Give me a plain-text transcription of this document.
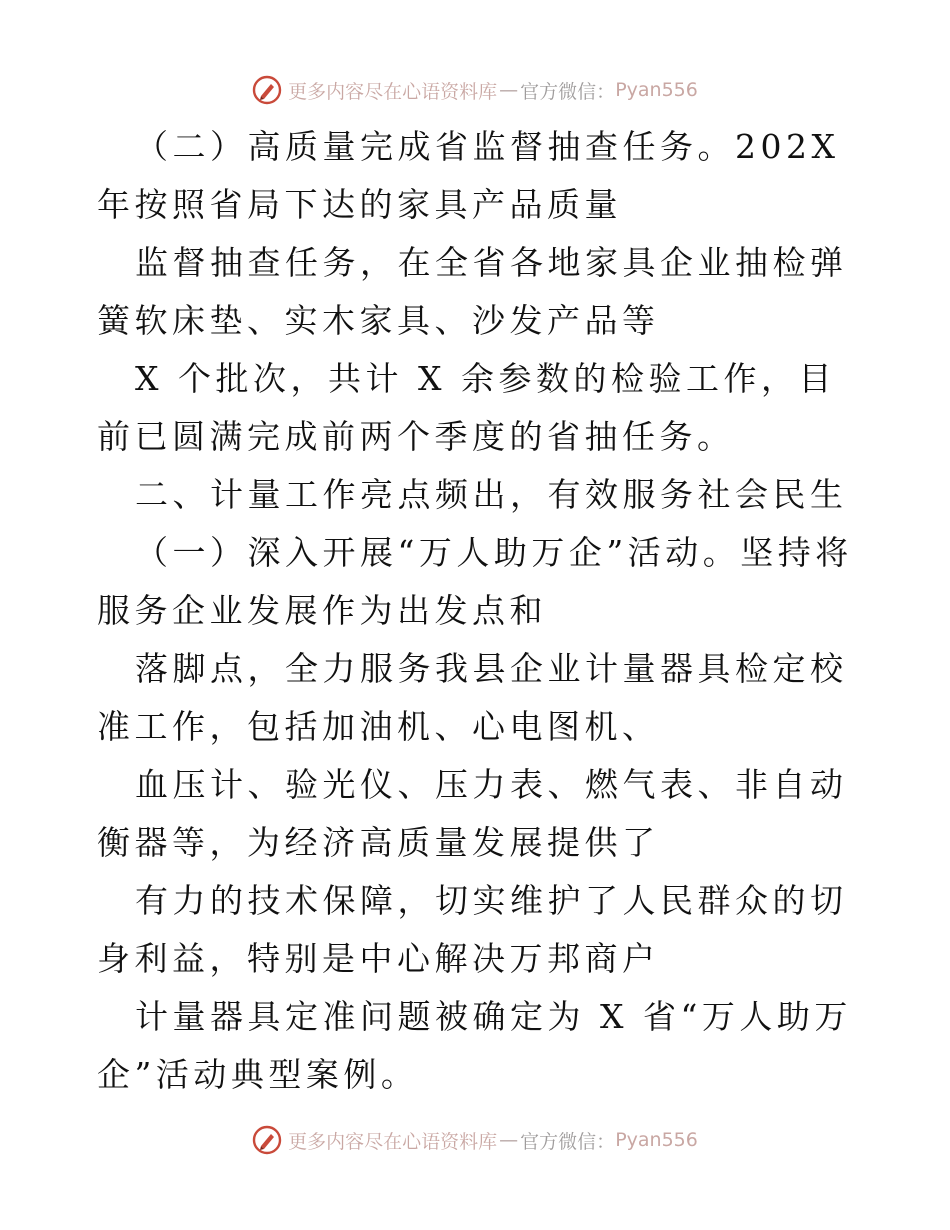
更多内容尽在心语资料库 — 官方微信： Pyan556

（二）高质量完成省监督抽查任务。202X 年按照省局下达的家具产品质量

监督抽查任务，在全省各地家具企业抽检弹簧软床垫、实木家具、沙发产品等

X 个批次，共计 X 余参数的检验工作，目前已圆满完成前两个季度的省抽任务。

二、计量工作亮点频出，有效服务社会民生

（一）深入开展“万人助万企”活动。坚持将服务企业发展作为出发点和

落脚点，全力服务我县企业计量器具检定校准工作，包括加油机、心电图机、

血压计、验光仪、压力表、燃气表、非自动衡器等，为经济高质量发展提供了

有力的技术保障，切实维护了人民群众的切身利益，特别是中心解决万邦商户

计量器具定准问题被确定为 X 省“万人助万企”活动典型案例。

更多内容尽在心语资料库 — 官方微信： Pyan556
